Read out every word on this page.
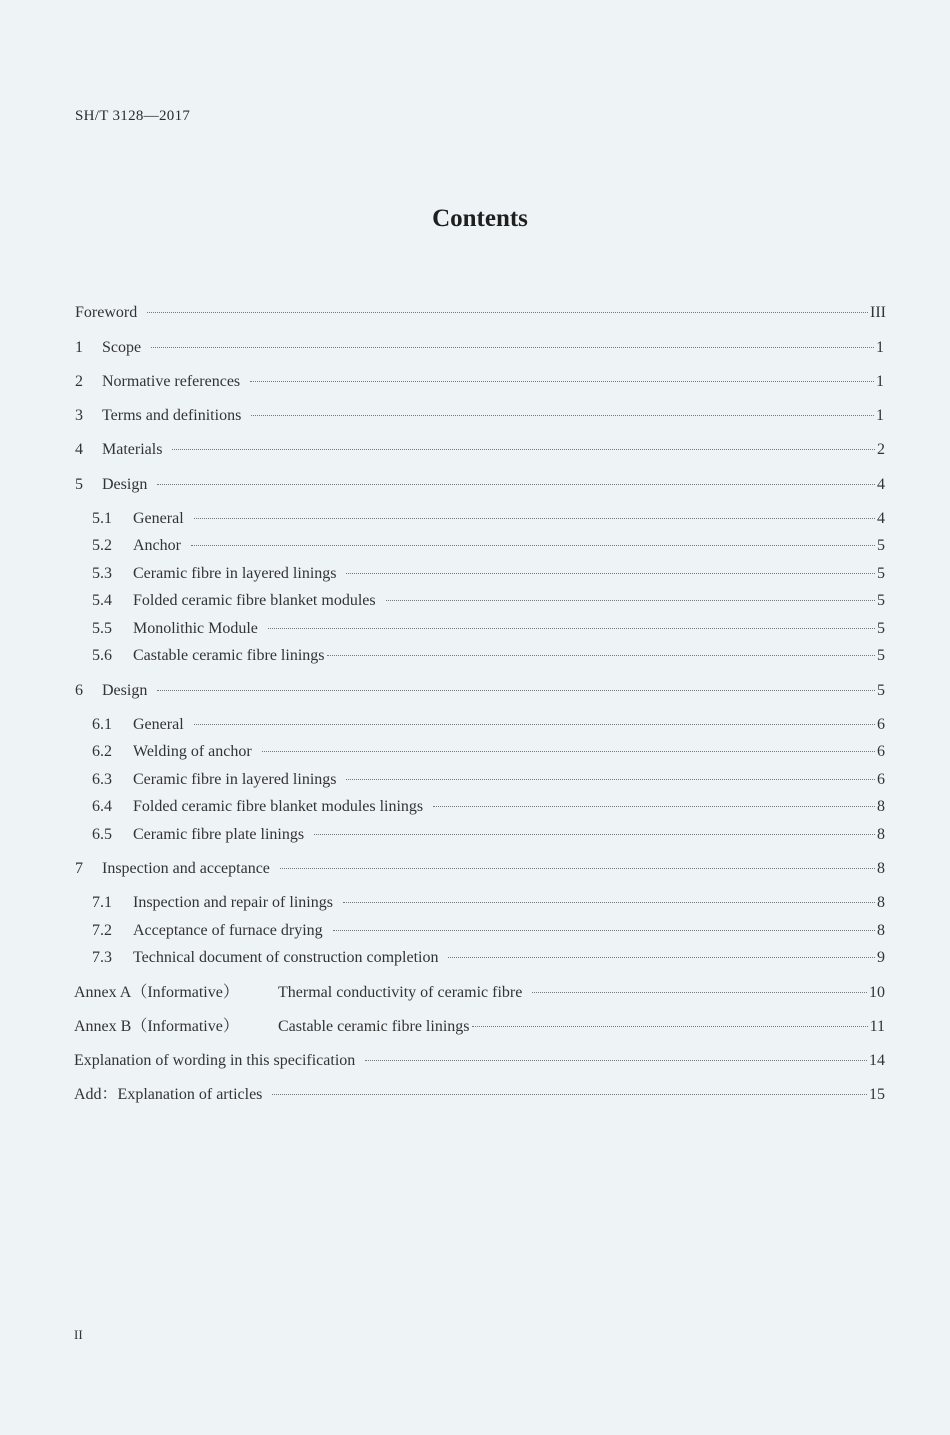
SH/T 3128—2017
Contents
Foreword	III
1	Scope	1
2	Normative references	1
3	Terms and definitions	1
4	Materials	2
5	Design	4
5.1	General	4
5.2	Anchor	5
5.3	Ceramic fibre in layered linings	5
5.4	Folded ceramic fibre blanket modules	5
5.5	Monolithic Module	5
5.6	Castable ceramic fibre linings	5
6	Design	5
6.1	General	6
6.2	Welding of anchor	6
6.3	Ceramic fibre in layered linings	6
6.4	Folded ceramic fibre blanket modules linings	8
6.5	Ceramic fibre plate linings	8
7	Inspection and acceptance	8
7.1	Inspection and repair of linings	8
7.2	Acceptance of furnace drying	8
7.3	Technical document of construction completion	9
Annex A（Informative）	Thermal conductivity of ceramic fibre	10
Annex B（Informative）	Castable ceramic fibre linings	11
Explanation of wording in this specification	14
Add：Explanation of articles	15
II
